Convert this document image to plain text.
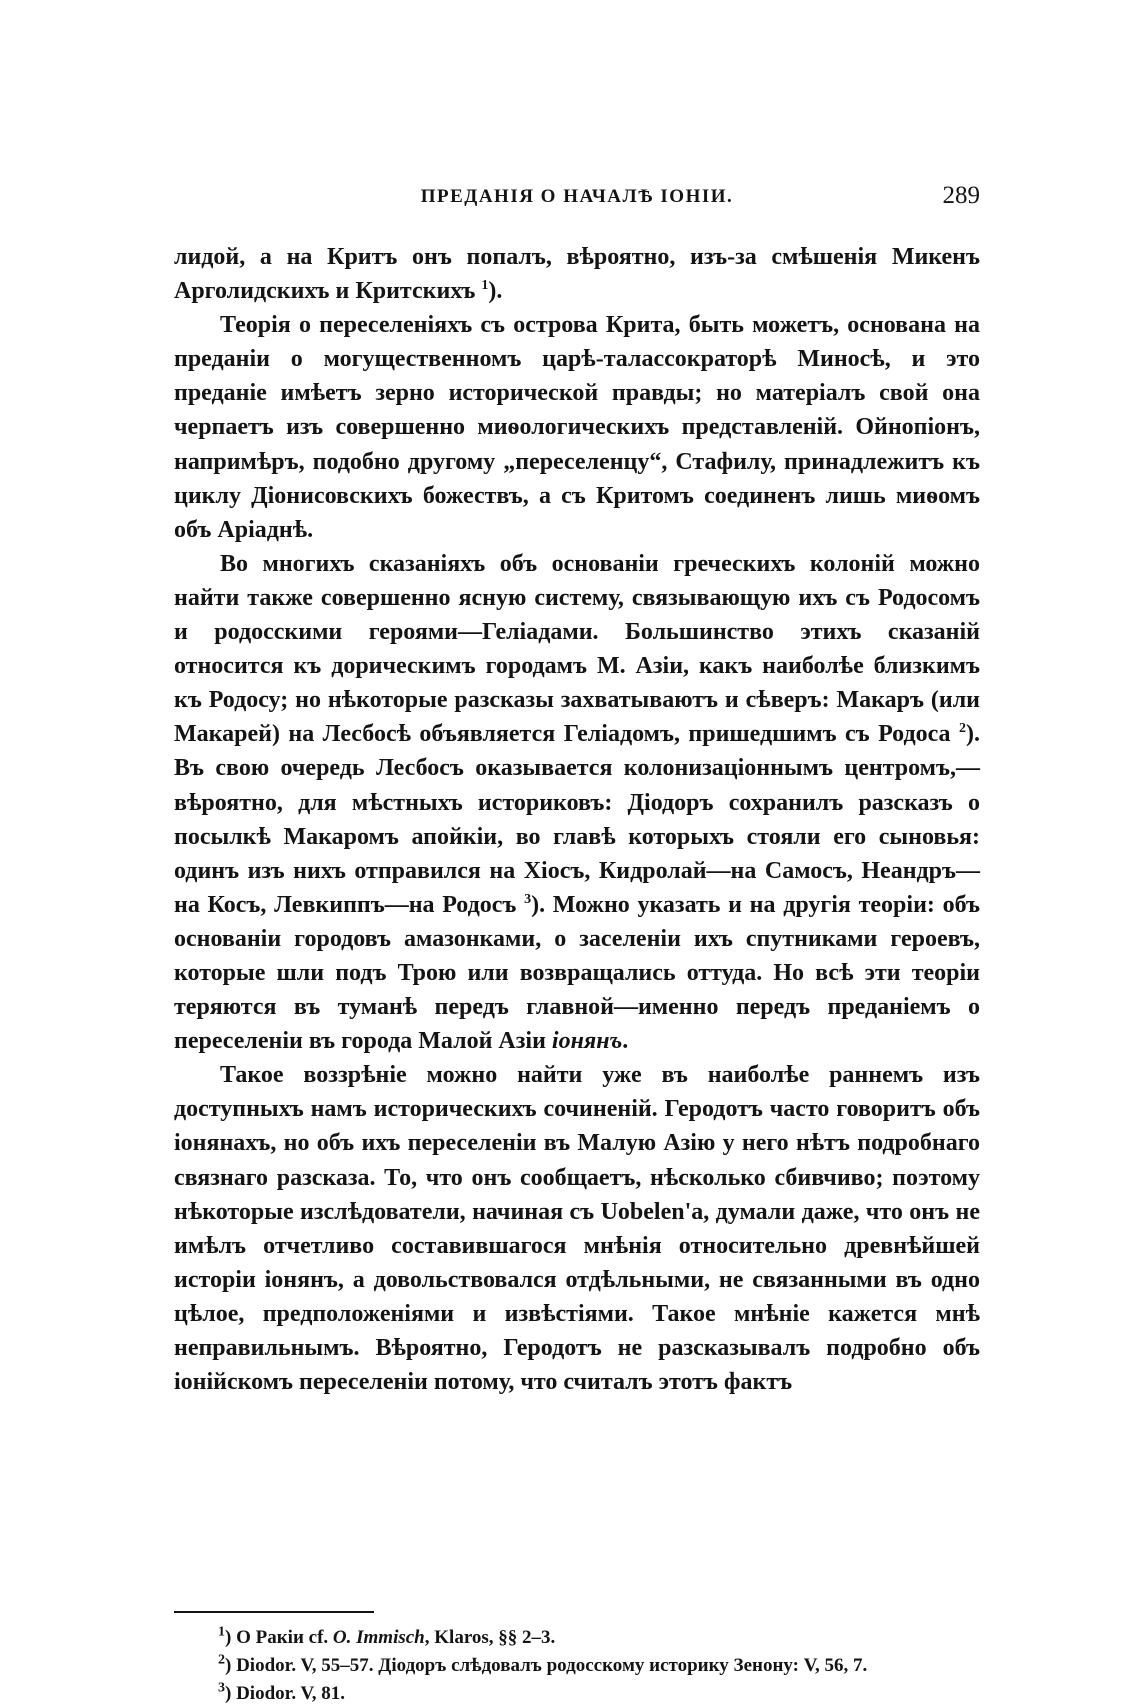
ПРЕДАНІЯ О НАЧАЛѢ ІОНІИ.	289

лидой, а на Критъ онъ попалъ, вѣроятно, изъ-за смѣшенія Микенъ Арголидскихъ и Критскихъ $^1$).

Теорія о переселеніяхъ съ острова Крита, быть можетъ, основана на преданіи о могущественномъ царѣ-талассократорѣ Миносѣ, и это преданіе имѣетъ зерно исторической правды; но матеріалъ свой она черпаетъ изъ совершенно миѳологическихъ представленій. Ойнопіонъ, напримѣръ, подобно другому „переселенцу“, Стафилу, принадлежитъ къ циклу Діонисовскихъ божествъ, а съ Критомъ соединенъ лишь миѳомъ объ Аріаднѣ.

Во многихъ сказаніяхъ объ основаніи греческихъ колоній можно найти также совершенно ясную систему, связывающую ихъ съ Родосомъ и родосскими героями—Геліадами. Большинство этихъ сказаній относится къ дорическимъ городамъ М. Азіи, какъ наиболѣе близкимъ къ Родосу; но нѣкоторые разсказы захватываютъ и сѣверъ: Макаръ (или Макарей) на Лесбосѣ объявляется Геліадомъ, пришедшимъ съ Родоса $^2$). Въ свою очередь Лесбосъ оказывается колонизаціоннымъ центромъ,—вѣроятно, для мѣстныхъ историковъ: Діодоръ сохранилъ разсказъ о посылкѣ Макаромъ апойкіи, во главѣ которыхъ стояли его сыновья: одинъ изъ нихъ отправился на Хіосъ, Кидролай—на Самосъ, Неандръ—на Косъ, Левкиппъ—на Родосъ $^3$). Можно указать и на другія теоріи: объ основаніи городовъ амазонками, о заселеніи ихъ спутниками героевъ, которые шли подъ Трою или возвращались оттуда. Но всѣ эти теоріи теряются въ туманѣ передъ главной—именно передъ преданіемъ о переселеніи въ города Малой Азіи іонянъ.

Такое воззрѣніе можно найти уже въ наиболѣе раннемъ изъ доступныхъ намъ историческихъ сочиненій. Геродотъ часто говоритъ объ іонянахъ, но объ ихъ переселеніи въ Малую Азію у него нѣтъ подробнаго связнаго разсказа. То, что онъ сообщаетъ, нѣсколько сбивчиво; поэтому нѣкоторые изслѣдователи, начиная съ Uobelen'а, думали даже, что онъ не имѣлъ отчетливо составившагося мнѣнія относительно древнѣйшей исторіи іонянъ, а довольствовался отдѣльными, не связанными въ одно цѣлое, предположеніями и извѣстіями. Такое мнѣніе кажется мнѣ неправильнымъ. Вѣроятно, Геродотъ не разсказывалъ подробно объ іонійскомъ переселеніи потому, что считалъ этотъ фактъ

$^1$) О Ракіи cf. O. Immisch, Klaros, §§ 2–3.

$^2$) Diodor. V, 55–57. Діодоръ слѣдовалъ родосскому историку Зенону: V, 56, 7.

$^3$) Diodor. V, 81.
